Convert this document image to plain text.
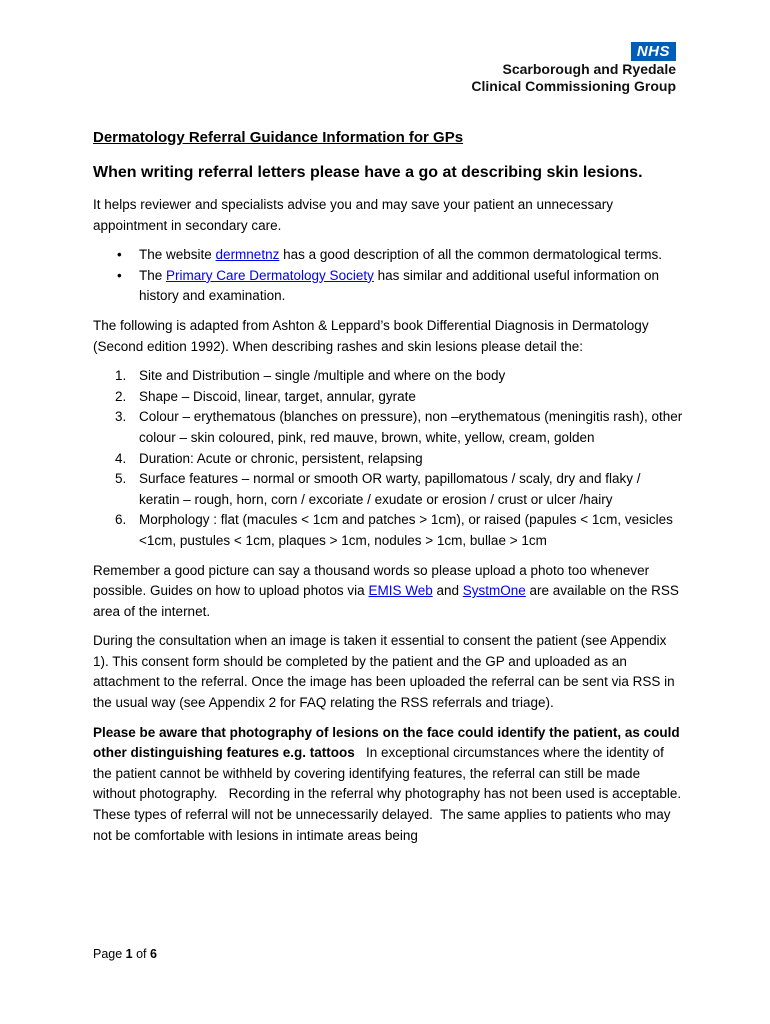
NHS
Scarborough and Ryedale
Clinical Commissioning Group
Dermatology Referral Guidance Information for GPs
When writing referral letters please have a go at describing skin lesions.

It helps reviewer and specialists advise you and may save your patient an unnecessary appointment in secondary care.

• The website dermnetnz has a good description of all the common dermatological terms.
• The Primary Care Dermatology Society has similar and additional useful information on history and examination.

The following is adapted from Ashton & Leppard’s book Differential Diagnosis in Dermatology (Second edition 1992). When describing rashes and skin lesions please detail the:

1. Site and Distribution – single /multiple and where on the body
2. Shape – Discoid, linear, target, annular, gyrate
3. Colour – erythematous (blanches on pressure), non –erythematous (meningitis rash), other colour – skin coloured, pink, red mauve, brown, white, yellow, cream, golden
4. Duration: Acute or chronic, persistent, relapsing
5. Surface features – normal or smooth OR warty, papillomatous / scaly, dry and flaky / keratin – rough, horn, corn / excoriate / exudate or erosion / crust or ulcer /hairy
6. Morphology : flat (macules < 1cm and patches > 1cm), or raised (papules < 1cm, vesicles <1cm, pustules < 1cm, plaques > 1cm, nodules > 1cm, bullae > 1cm

Remember a good picture can say a thousand words so please upload a photo too whenever possible. Guides on how to upload photos via EMIS Web and SystmOne are available on the RSS area of the internet.

During the consultation when an image is taken it essential to consent the patient (see Appendix 1). This consent form should be completed by the patient and the GP and uploaded as an attachment to the referral. Once the image has been uploaded the referral can be sent via RSS in the usual way (see Appendix 2 for FAQ relating the RSS referrals and triage).

Please be aware that photography of lesions on the face could identify the patient, as could other distinguishing features e.g. tattoos   In exceptional circumstances where the identity of the patient cannot be withheld by covering identifying features, the referral can still be made without photography.   Recording in the referral why photography has not been used is acceptable.  These types of referral will not be unnecessarily delayed.  The same applies to patients who may not be comfortable with lesions in intimate areas being

Page 1 of 6
